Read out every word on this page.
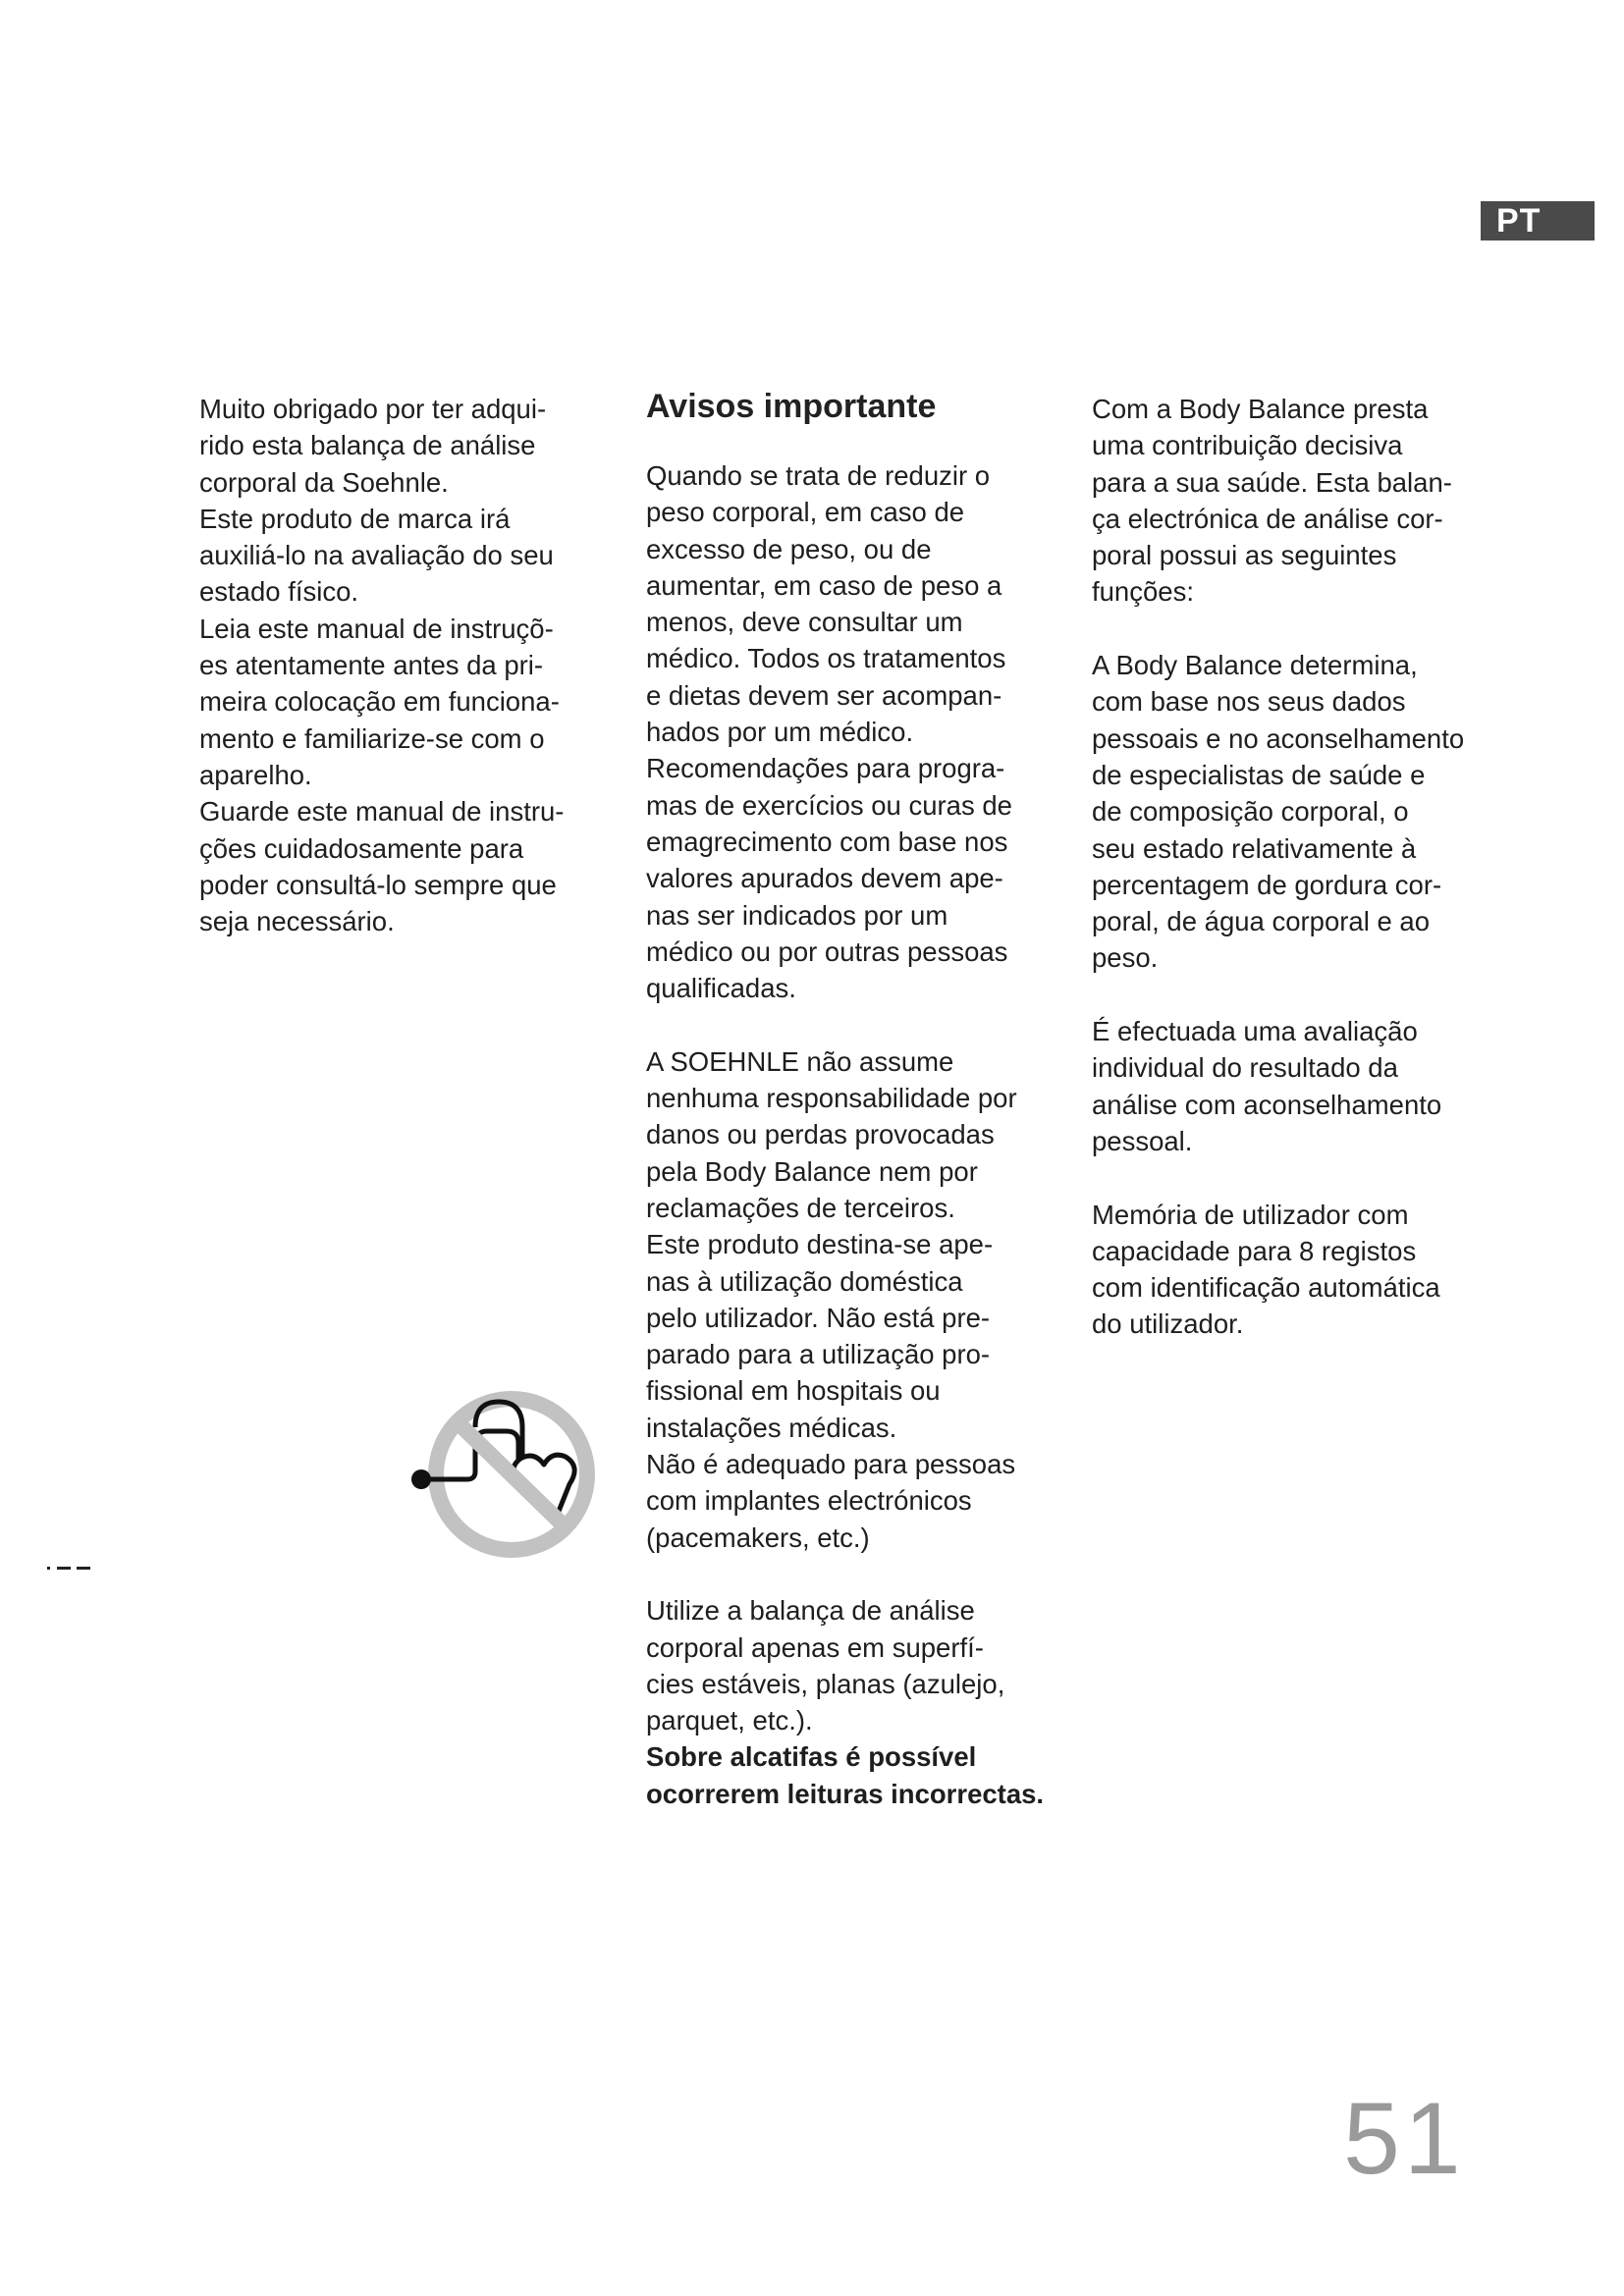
PT

Muito obrigado por ter adqui-

rido esta balança de análise

corporal da Soehnle.

Este produto de marca irá

auxiliá-lo na avaliação do seu

estado físico.

Leia este manual de instruçõ-

es atentamente antes da pri-

meira colocação em funciona-

mento e familiarize-se com o

aparelho.

Guarde este manual de instru-

ções cuidadosamente para

poder consultá-lo sempre que

seja necessário.

Avisos importante

Quando se trata de reduzir o

peso corporal, em caso de

excesso de peso, ou de

aumentar, em caso de peso a

menos, deve consultar um

médico. Todos os tratamentos

e dietas devem ser acompan-

hados por um médico.

Recomendações para progra-

mas de exercícios ou curas de

emagrecimento com base nos

valores apurados devem ape-

nas ser indicados por um

médico ou por outras pessoas

qualificadas.

A SOEHNLE não assume

nenhuma responsabilidade por

danos ou perdas provocadas

pela Body Balance nem por

reclamações de terceiros.

Este produto destina-se ape-

nas à utilização doméstica

pelo utilizador. Não está pre-

parado para a utilização pro-

fissional em hospitais ou

instalações médicas.

Não é adequado para pessoas

com implantes electrónicos

(pacemakers, etc.)

Utilize a balança de análise

corporal apenas em superfí-

cies estáveis, planas (azulejo,

parquet, etc.).

Sobre alcatifas é possível

ocorrerem leituras incorrectas.

Com a Body Balance presta

uma contribuição decisiva

para a sua saúde. Esta balan-

ça electrónica de análise cor-

poral possui as seguintes

funções:

A Body Balance determina,

com base nos seus dados

pessoais e no aconselhamento

de especialistas de saúde e

de composição corporal, o

seu estado relativamente à

percentagem de gordura cor-

poral, de água corporal e ao

peso.

É efectuada uma avaliação

individual do resultado da

análise com aconselhamento

pessoal.

Memória de utilizador com

capacidade para 8 registos

com identificação automática

do utilizador.

51
